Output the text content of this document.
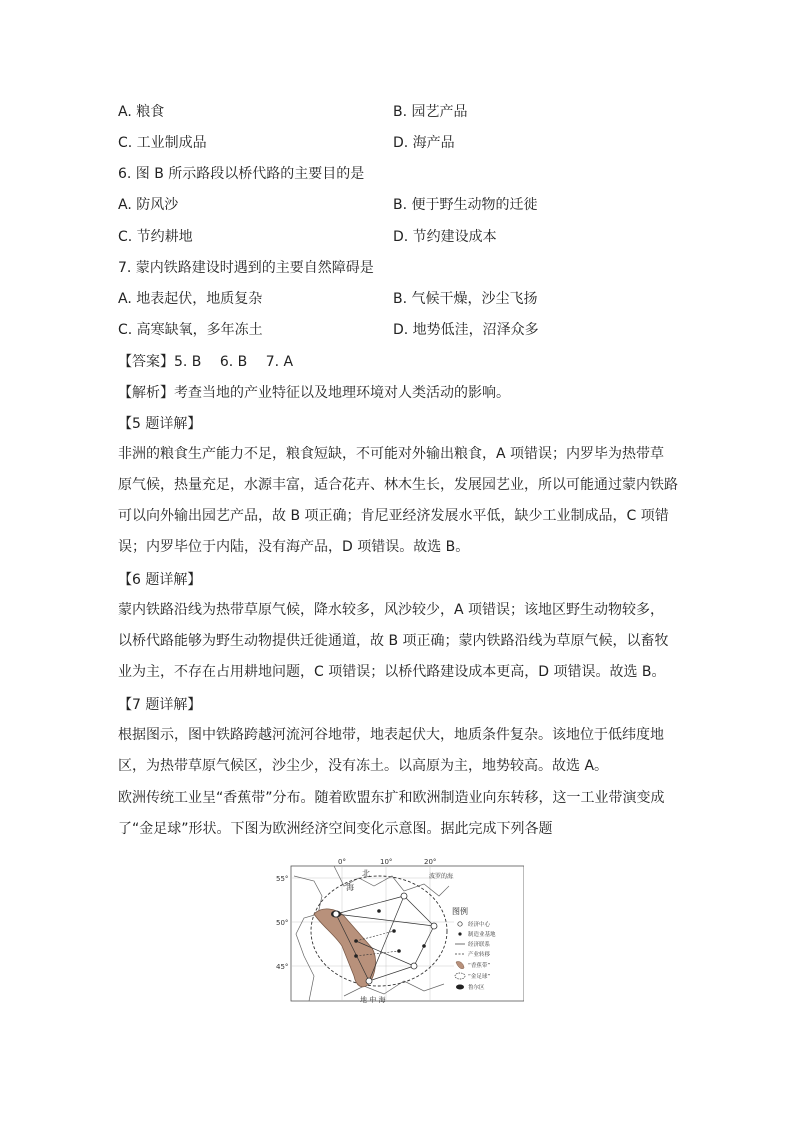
A. 粮食	B. 园艺产品
C. 工业制成品	D. 海产品
6. 图 B 所示路段以桥代路的主要目的是
A. 防风沙	B. 便于野生动物的迁徙
C. 节约耕地	D. 节约建设成本
7. 蒙内铁路建设时遇到的主要自然障碍是
A. 地表起伏，地质复杂	B. 气候干燥，沙尘飞扬
C. 高寒缺氧，多年冻土	D. 地势低洼，沼泽众多
【答案】5. B　 6. B　 7. A
【解析】考查当地的产业特征以及地理环境对人类活动的影响。
【5 题详解】
非洲的粮食生产能力不足，粮食短缺，不可能对外输出粮食，A 项错误；内罗毕为热带草原气候，热量充足，水源丰富，适合花卉、林木生长，发展园艺业，所以可能通过蒙内铁路可以向外输出园艺产品，故 B 项正确；肯尼亚经济发展水平低，缺少工业制成品，C 项错误；内罗毕位于内陆，没有海产品，D 项错误。故选 B。
【6 题详解】
蒙内铁路沿线为热带草原气候，降水较多，风沙较少，A 项错误；该地区野生动物较多，以桥代路能够为野生动物提供迁徙通道，故 B 项正确；蒙内铁路沿线为草原气候，以畜牧业为主，不存在占用耕地问题，C 项错误；以桥代路建设成本更高，D 项错误。故选 B。
【7 题详解】
根据图示，图中铁路跨越河流河谷地带，地表起伏大，地质条件复杂。该地位于低纬度地区，为热带草原气候区，沙尘少，没有冻土。以高原为主，地势较高。故选 A。
欧洲传统工业呈“香蕉带”分布。随着欧盟东扩和欧洲制造业向东转移，这一工业带演变成了“金足球”形状。下图为欧洲经济空间变化示意图。据此完成下列各题
0°	10°	20°
55°
50°
45°
北
海
波罗的海
地 中 海
图例
经济中心
制造业基地
经济联系
产业转移
“香蕉带”
“金足球”
鲁尔区
